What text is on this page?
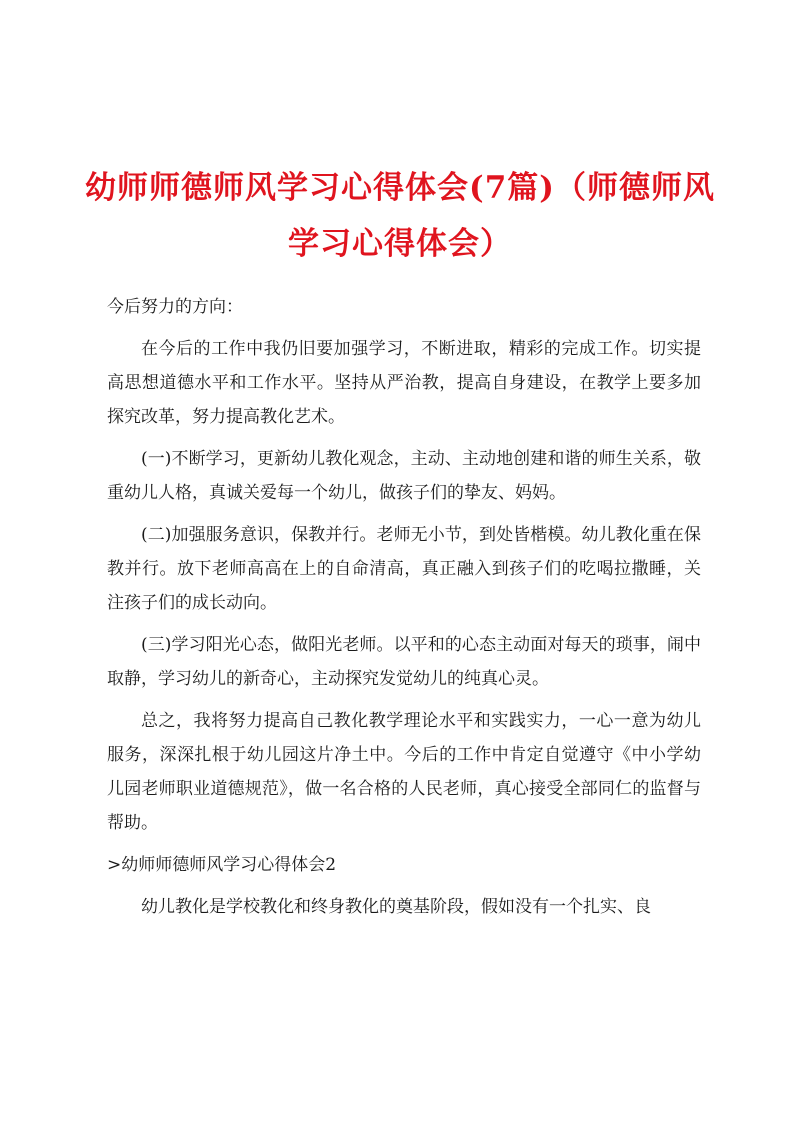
幼师师德师风学习心得体会(7篇)（师德师风
学习心得体会）

今后努力的方向：

在今后的工作中我仍旧要加强学习，不断进取，精彩的完成工作。切实提高思想道德水平和工作水平。坚持从严治教，提高自身建设，在教学上要多加探究改革，努力提高教化艺术。

(一)不断学习，更新幼儿教化观念，主动、主动地创建和谐的师生关系，敬重幼儿人格，真诚关爱每一个幼儿，做孩子们的挚友、妈妈。

(二)加强服务意识，保教并行。老师无小节，到处皆楷模。幼儿教化重在保教并行。放下老师高高在上的自命清高，真正融入到孩子们的吃喝拉撒睡，关注孩子们的成长动向。

(三)学习阳光心态，做阳光老师。以平和的心态主动面对每天的琐事，闹中取静，学习幼儿的新奇心，主动探究发觉幼儿的纯真心灵。

总之，我将努力提高自己教化教学理论水平和实践实力，一心一意为幼儿服务，深深扎根于幼儿园这片净土中。今后的工作中肯定自觉遵守《中小学幼儿园老师职业道德规范》，做一名合格的人民老师，真心接受全部同仁的监督与帮助。

>幼师师德师风学习心得体会2

幼儿教化是学校教化和终身教化的奠基阶段，假如没有一个扎实、良
